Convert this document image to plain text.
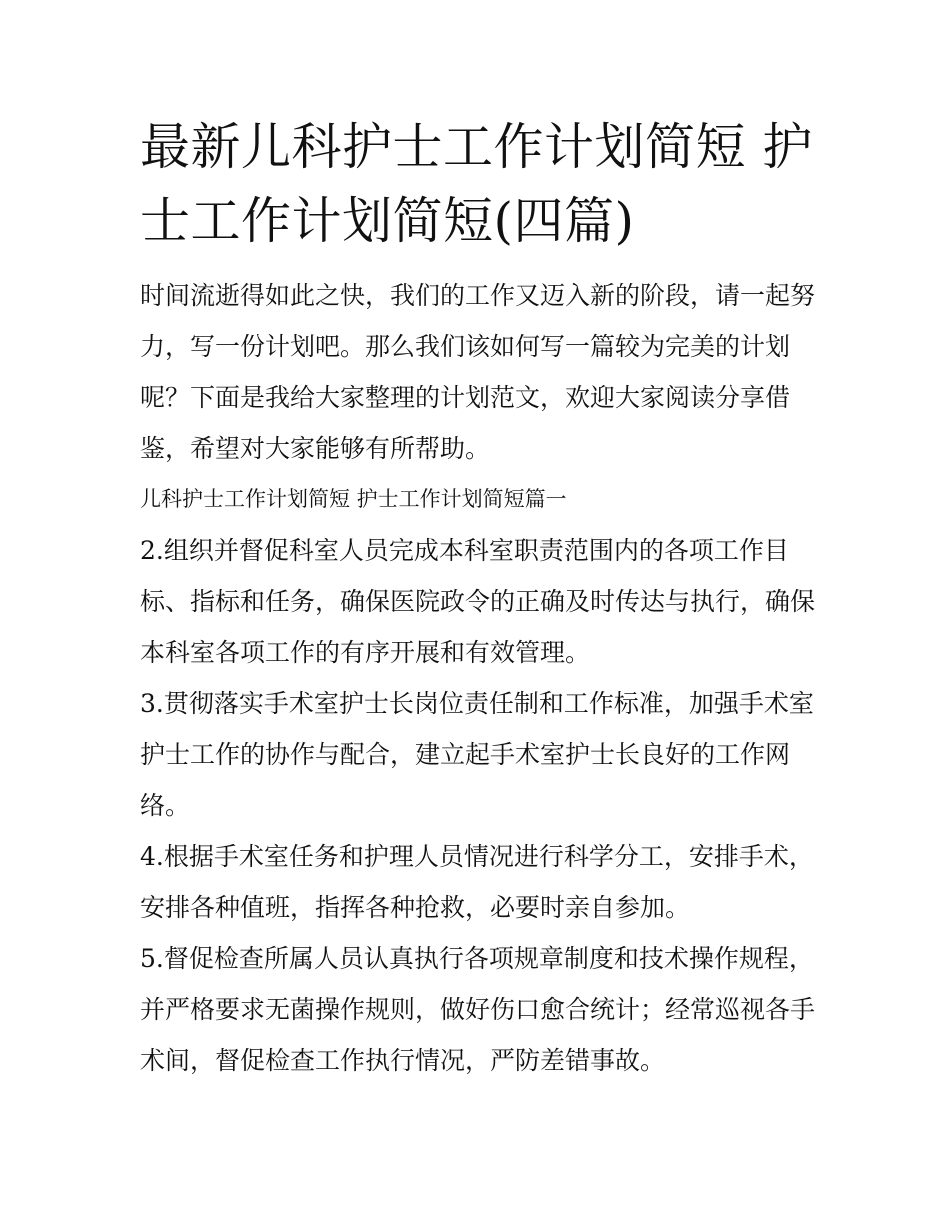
最新儿科护士工作计划简短 护士工作计划简短(四篇)

时间流逝得如此之快，我们的工作又迈入新的阶段，请一起努力，写一份计划吧。那么我们该如何写一篇较为完美的计划呢？下面是我给大家整理的计划范文，欢迎大家阅读分享借鉴，希望对大家能够有所帮助。

儿科护士工作计划简短 护士工作计划简短篇一

2.组织并督促科室人员完成本科室职责范围内的各项工作目标、指标和任务，确保医院政令的正确及时传达与执行，确保本科室各项工作的有序开展和有效管理。

3.贯彻落实手术室护士长岗位责任制和工作标准，加强手术室护士工作的协作与配合，建立起手术室护士长良好的工作网络。

4.根据手术室任务和护理人员情况进行科学分工，安排手术，安排各种值班，指挥各种抢救，必要时亲自参加。

5.督促检查所属人员认真执行各项规章制度和技术操作规程，并严格要求无菌操作规则，做好伤口愈合统计；经常巡视各手术间，督促检查工作执行情况，严防差错事故。
